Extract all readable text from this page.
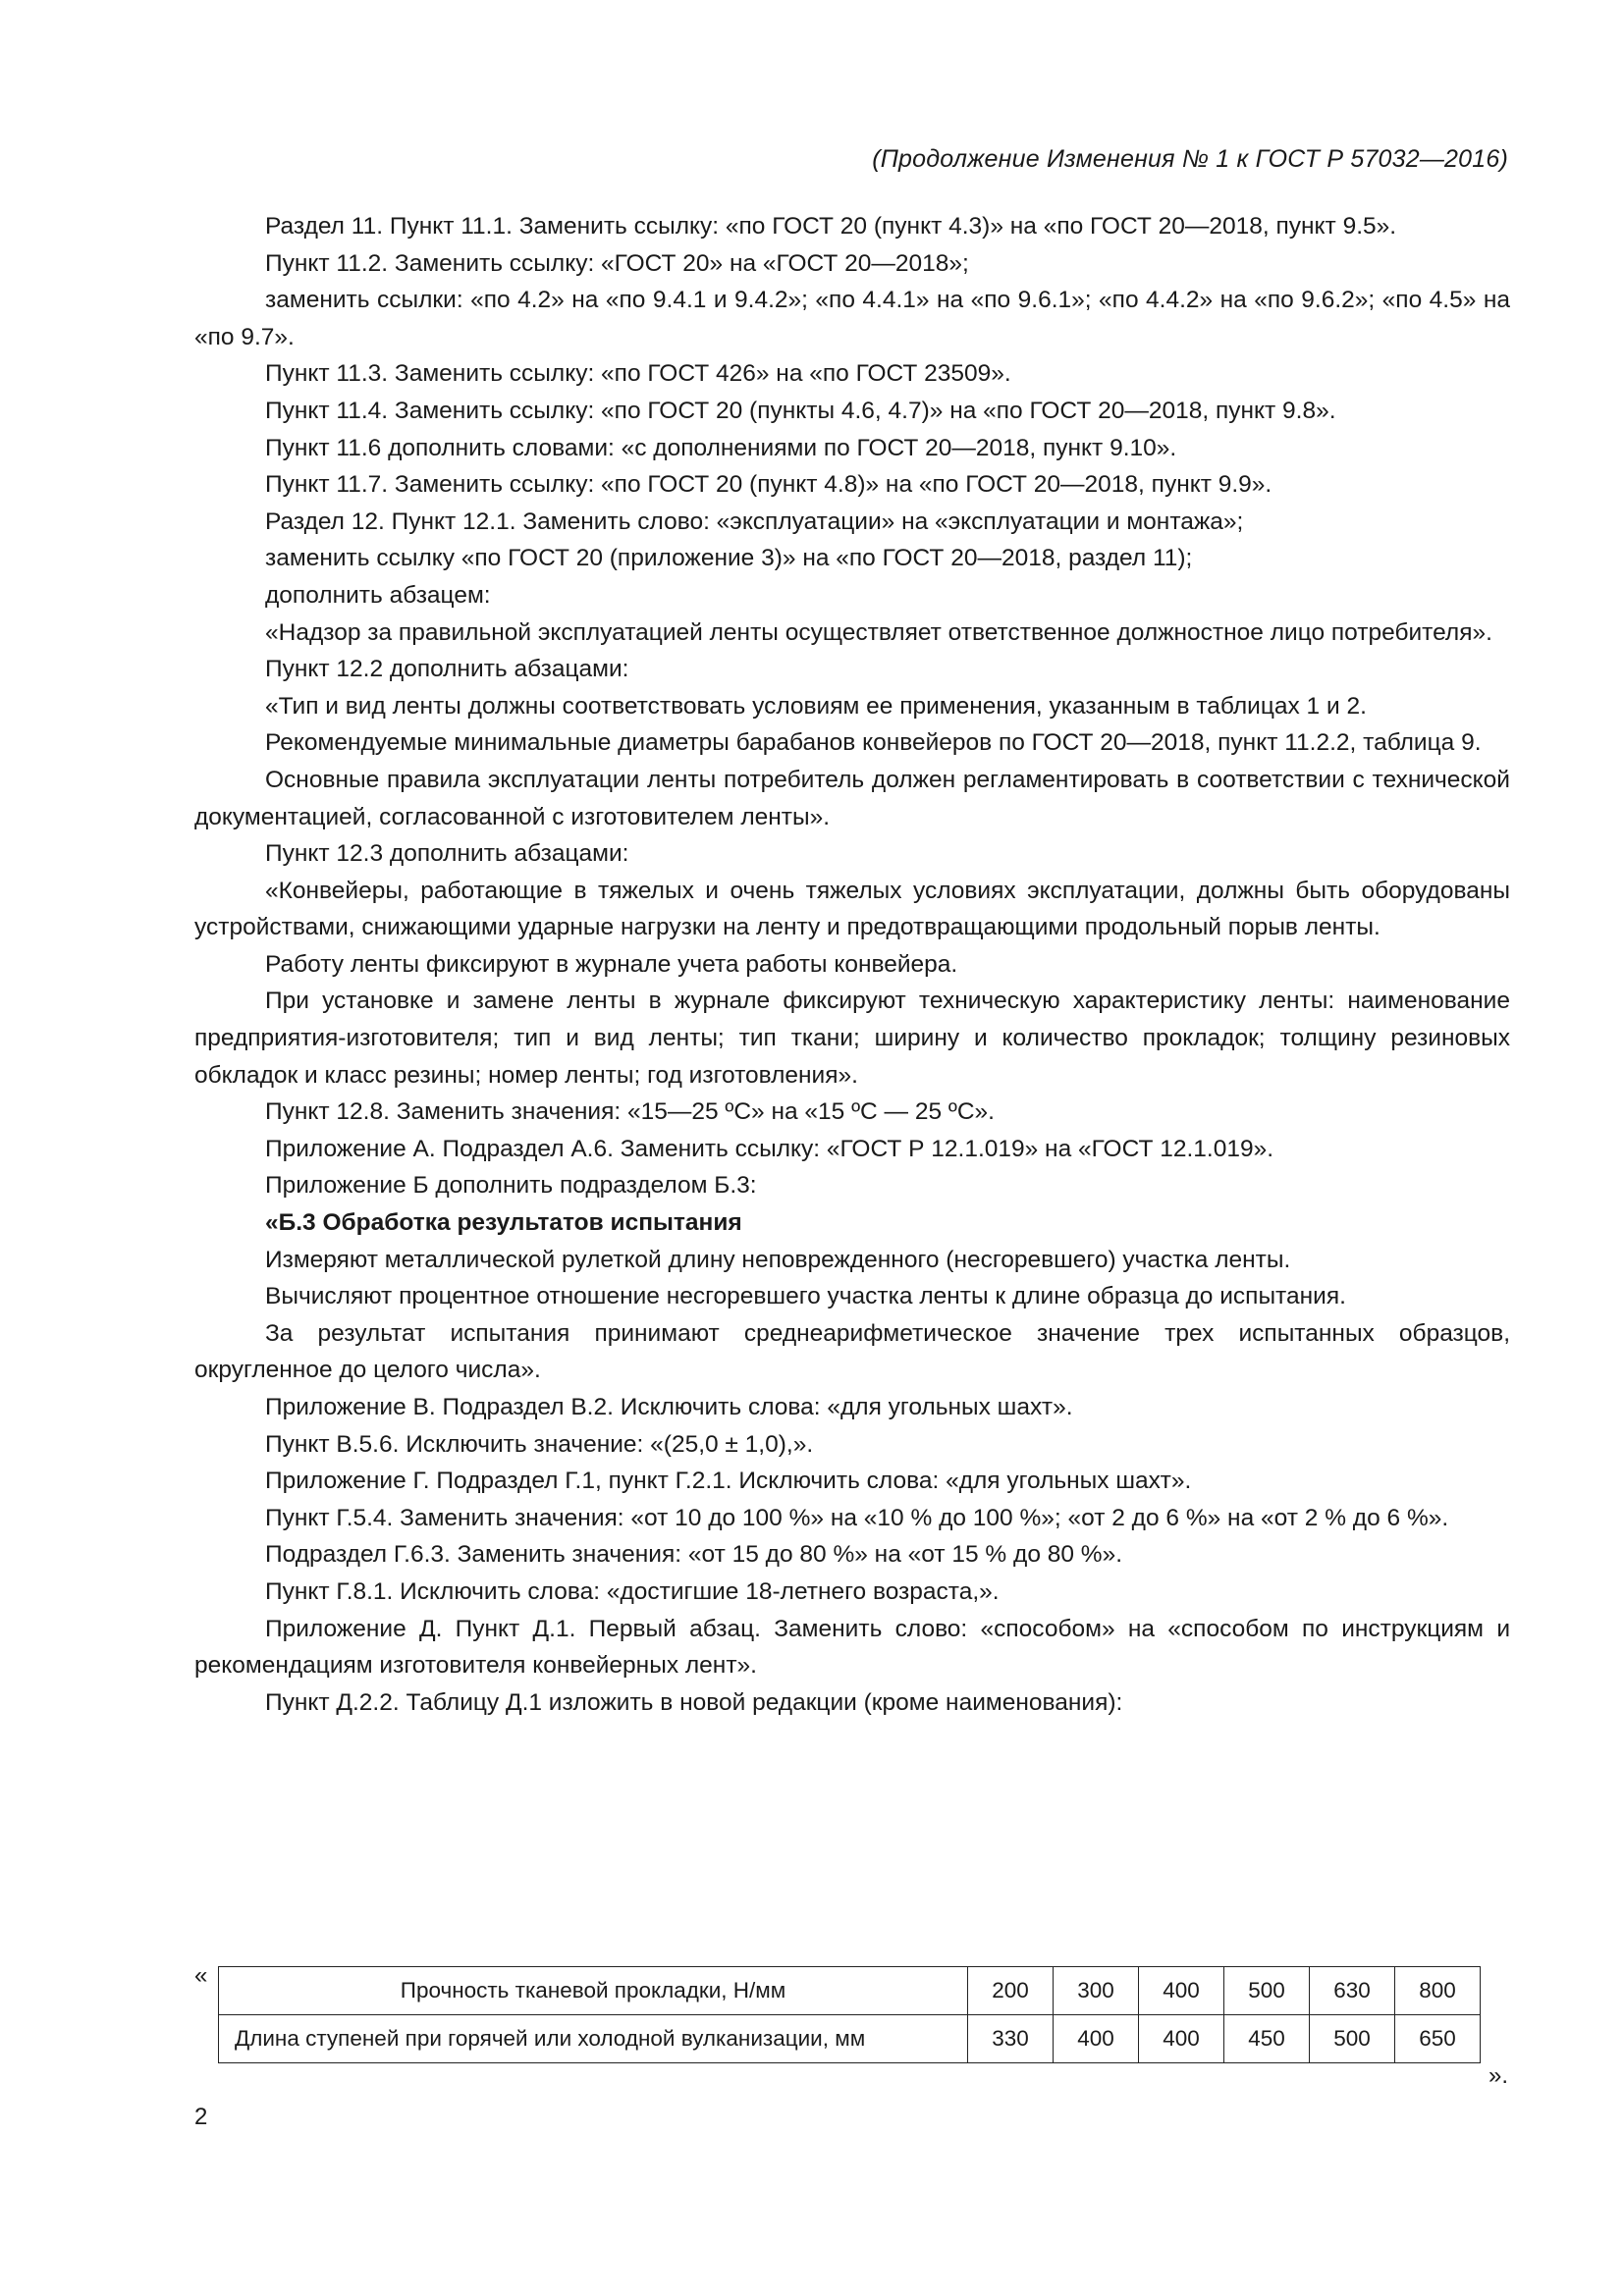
(Продолжение Изменения № 1 к ГОСТ Р 57032—2016)

Раздел 11. Пункт 11.1. Заменить ссылку: «по ГОСТ 20 (пункт 4.3)» на «по ГОСТ 20—2018, пункт 9.5».

Пункт 11.2. Заменить ссылку: «ГОСТ 20» на «ГОСТ 20—2018»;

заменить ссылки: «по 4.2» на «по 9.4.1 и 9.4.2»; «по 4.4.1» на «по 9.6.1»; «по 4.4.2» на «по 9.6.2»; «по 4.5» на «по 9.7».

Пункт 11.3. Заменить ссылку: «по ГОСТ 426» на «по ГОСТ 23509».

Пункт 11.4. Заменить ссылку: «по ГОСТ 20 (пункты 4.6, 4.7)» на «по ГОСТ 20—2018, пункт 9.8».

Пункт 11.6 дополнить словами: «с дополнениями по ГОСТ 20—2018, пункт 9.10».

Пункт 11.7. Заменить ссылку: «по ГОСТ 20 (пункт 4.8)» на «по ГОСТ 20—2018, пункт 9.9».

Раздел 12. Пункт 12.1. Заменить слово: «эксплуатации» на «эксплуатации и монтажа»;

заменить ссылку «по ГОСТ 20 (приложение 3)» на «по ГОСТ 20—2018, раздел 11);

дополнить абзацем:

«Надзор за правильной эксплуатацией ленты осуществляет ответственное должностное лицо потребителя».

Пункт 12.2 дополнить абзацами:

«Тип и вид ленты должны соответствовать условиям ее применения, указанным в таблицах 1 и 2.

Рекомендуемые минимальные диаметры барабанов конвейеров по ГОСТ 20—2018, пункт 11.2.2, таблица 9.

Основные правила эксплуатации ленты потребитель должен регламентировать в соответствии с технической документацией, согласованной с изготовителем ленты».

Пункт 12.3 дополнить абзацами:

«Конвейеры, работающие в тяжелых и очень тяжелых условиях эксплуатации, должны быть оборудованы устройствами, снижающими ударные нагрузки на ленту и предотвращающими продольный порыв ленты.

Работу ленты фиксируют в журнале учета работы конвейера.

При установке и замене ленты в журнале фиксируют техническую характеристику ленты: наименование предприятия-изготовителя; тип и вид ленты; тип ткани; ширину и количество прокладок; толщину резиновых обкладок и класс резины; номер ленты; год изготовления».

Пункт 12.8. Заменить значения: «15—25 ºС» на «15 ºС — 25 ºС».

Приложение А. Подраздел А.6. Заменить ссылку: «ГОСТ Р 12.1.019» на «ГОСТ 12.1.019».

Приложение Б дополнить подразделом Б.3:

«Б.3 Обработка результатов испытания

Измеряют металлической рулеткой длину неповрежденного (несгоревшего) участка ленты.

Вычисляют процентное отношение несгоревшего участка ленты к длине образца до испытания.

За результат испытания принимают среднеарифметическое значение трех испытанных образцов, округленное до целого числа».

Приложение В. Подраздел В.2. Исключить слова: «для угольных шахт».

Пункт В.5.6. Исключить значение: «(25,0 ± 1,0),».

Приложение Г. Подраздел Г.1, пункт Г.2.1. Исключить слова: «для угольных шахт».

Пункт Г.5.4. Заменить значения: «от 10 до 100 %» на «10 % до 100 %»; «от 2 до 6 %» на «от 2 % до 6 %».

Подраздел Г.6.3. Заменить значения: «от 15 до 80 %» на «от 15 % до 80 %».

Пункт Г.8.1. Исключить слова: «достигшие 18-летнего возраста,».

Приложение Д. Пункт Д.1. Первый абзац. Заменить слово: «способом» на «способом по инструкциям и рекомендациям изготовителя конвейерных лент».

Пункт Д.2.2. Таблицу Д.1 изложить в новой редакции (кроме наименования):

«
Прочность тканевой прокладки, Н/мм	200	300	400	500	630	800
Длина ступеней при горячей или холодной вулканизации, мм	330	400	400	450	500	650
».
2
